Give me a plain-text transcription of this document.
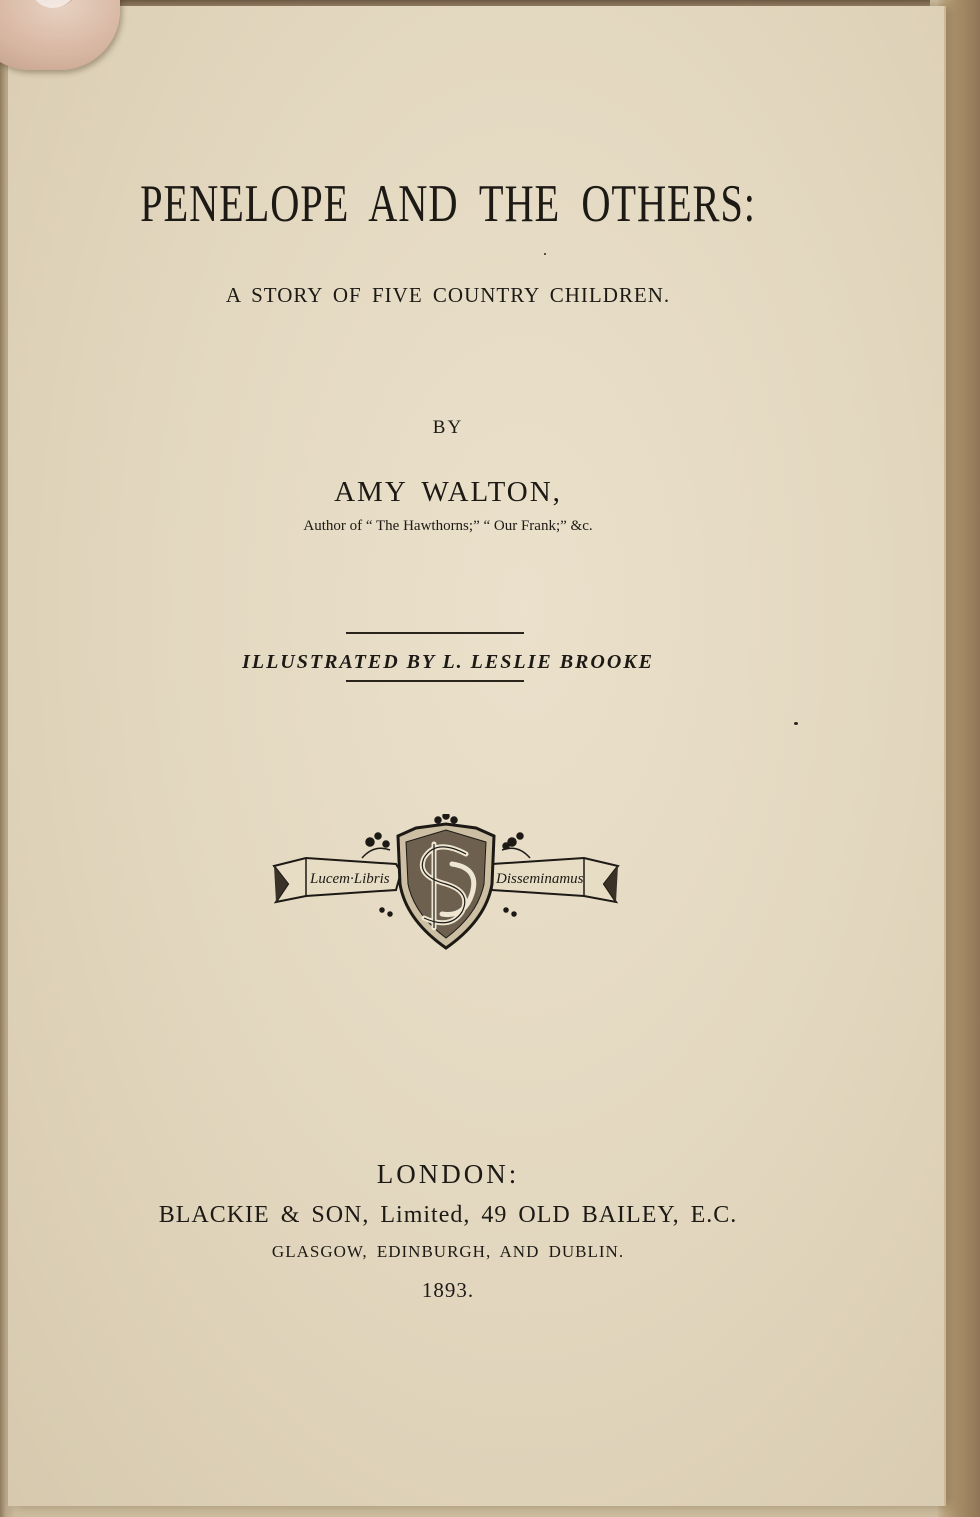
PENELOPE AND THE OTHERS:
A STORY OF FIVE COUNTRY CHILDREN.
BY
AMY WALTON,
Author of “ The Hawthorns;” “ Our Frank;” &c.
ILLUSTRATED BY L. LESLIE BROOKE
Lucem·Libris	Disseminamus
LONDON:
BLACKIE & SON, Limited, 49 OLD BAILEY, E.C.
GLASGOW, EDINBURGH, AND DUBLIN.
1893.
